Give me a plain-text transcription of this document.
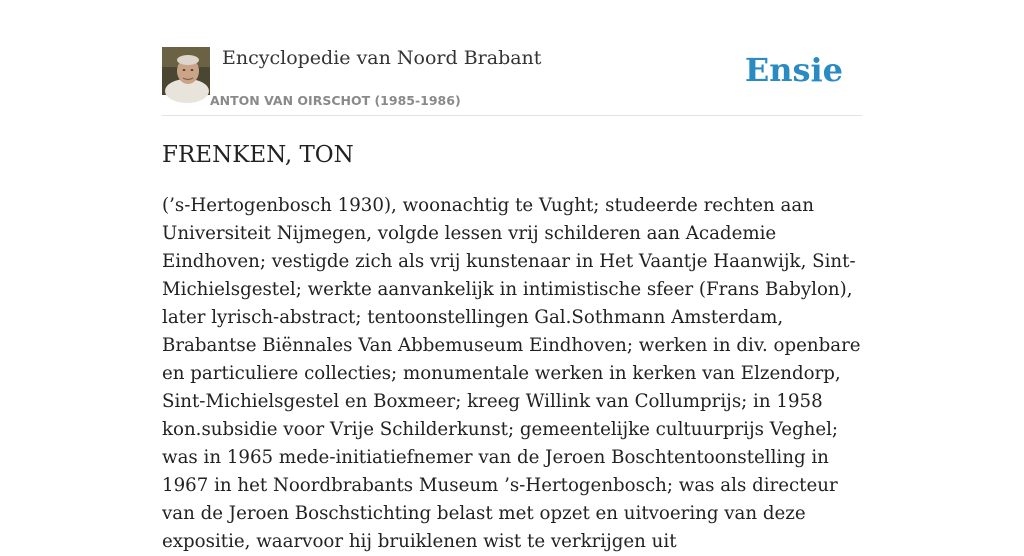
Encyclopedie van Noord Brabant
ANTON VAN OIRSCHOT (1985-1986)
Ensie
FRENKEN, TON

(’s-Hertogenbosch 1930), woonachtig te Vught; studeerde rechten aan Universiteit Nijmegen, volgde lessen vrij schilderen aan Academie Eindhoven; vestigde zich als vrij kunstenaar in Het Vaantje Haanwijk, Sint-Michielsgestel; werkte aanvankelijk in intimistische sfeer (Frans Babylon), later lyrisch-abstract; tentoonstellingen Gal.Sothmann Amsterdam, Brabantse Biënnales Van Abbemuseum Eindhoven; werken in div. openbare en particuliere collecties; monumentale werken in kerken van Elzendorp, Sint-Michielsgestel en Boxmeer; kreeg Willink van Collumprijs; in 1958 kon.subsidie voor Vrije Schilderkunst; gemeentelijke cultuurprijs Veghel; was in 1965 mede-initiatiefnemer van de Jeroen Boschtentoonstelling in 1967 in het Noordbrabants Museum ’s-Hertogenbosch; was als directeur van de Jeroen Boschstichting belast met opzet en uitvoering van deze expositie, waarvoor hij bruiklenen wist te verkrijgen uit
